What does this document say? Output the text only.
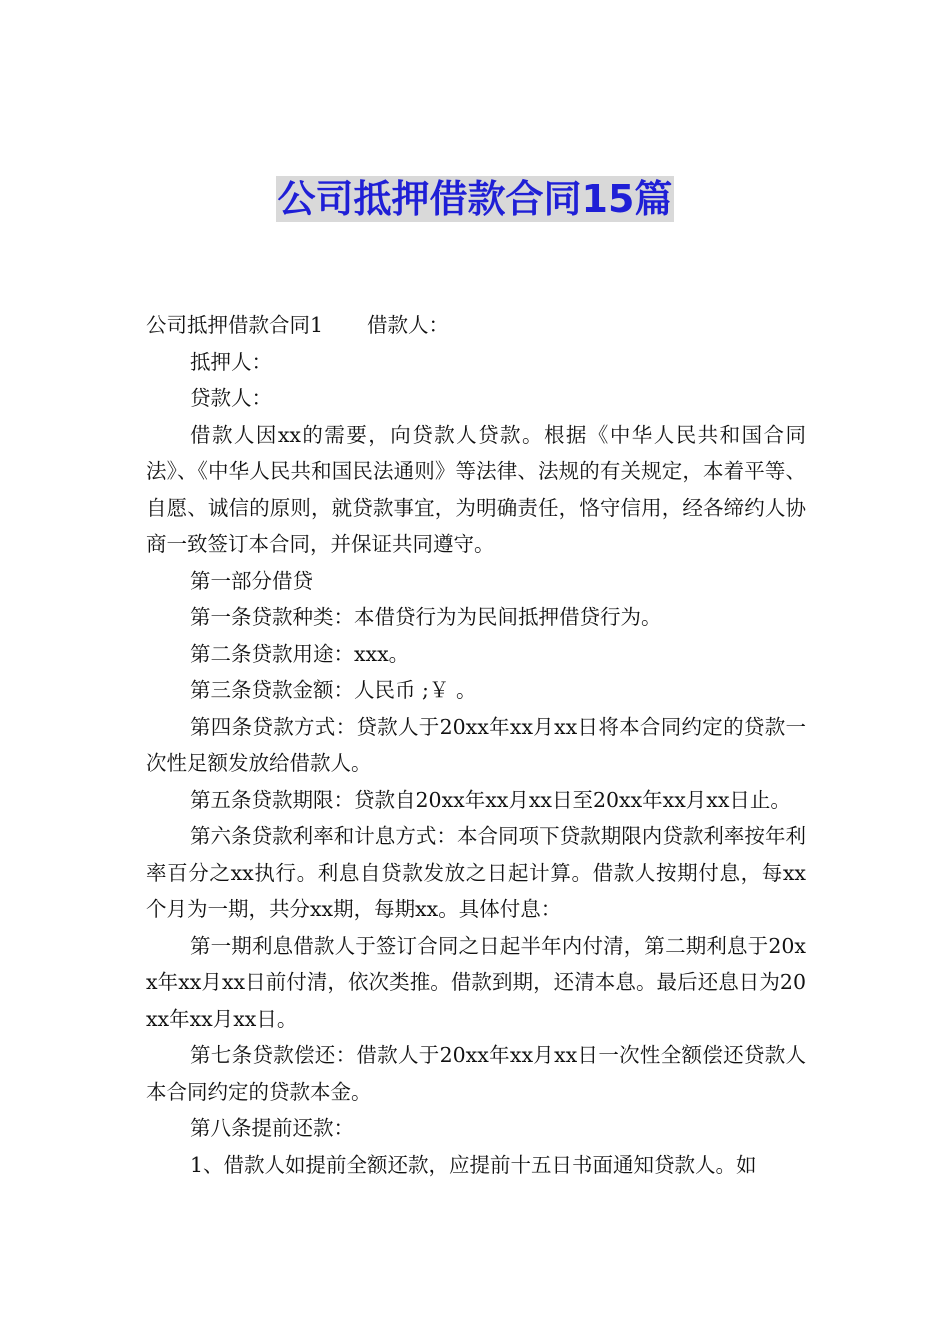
公司抵押借款合同15篇

公司抵押借款合同1 借款人：

抵押人：

贷款人：

借款人因xx的需要，向贷款人贷款。根据《中华人民共和国合同法》、《中华人民共和国民法通则》等法律、法规的有关规定，本着平等、自愿、诚信的原则，就贷款事宜，为明确责任，恪守信用，经各缔约人协商一致签订本合同，并保证共同遵守。

第一部分借贷

第一条贷款种类：本借贷行为为民间抵押借贷行为。

第二条贷款用途：xxx。

第三条贷款金额：人民币 ;￥ 。

第四条贷款方式：贷款人于20xx年xx月xx日将本合同约定的贷款一次性足额发放给借款人。

第五条贷款期限：贷款自20xx年xx月xx日至20xx年xx月xx日止。

第六条贷款利率和计息方式：本合同项下贷款期限内贷款利率按年利率百分之xx执行。利息自贷款发放之日起计算。借款人按期付息，每xx个月为一期，共分xx期，每期xx。具体付息：

第一期利息借款人于签订合同之日起半年内付清，第二期利息于20xx年xx月xx日前付清，依次类推。借款到期，还清本息。最后还息日为20xx年xx月xx日。

第七条贷款偿还：借款人于20xx年xx月xx日一次性全额偿还贷款人本合同约定的贷款本金。

第八条提前还款：

1、借款人如提前全额还款，应提前十五日书面通知贷款人。如
